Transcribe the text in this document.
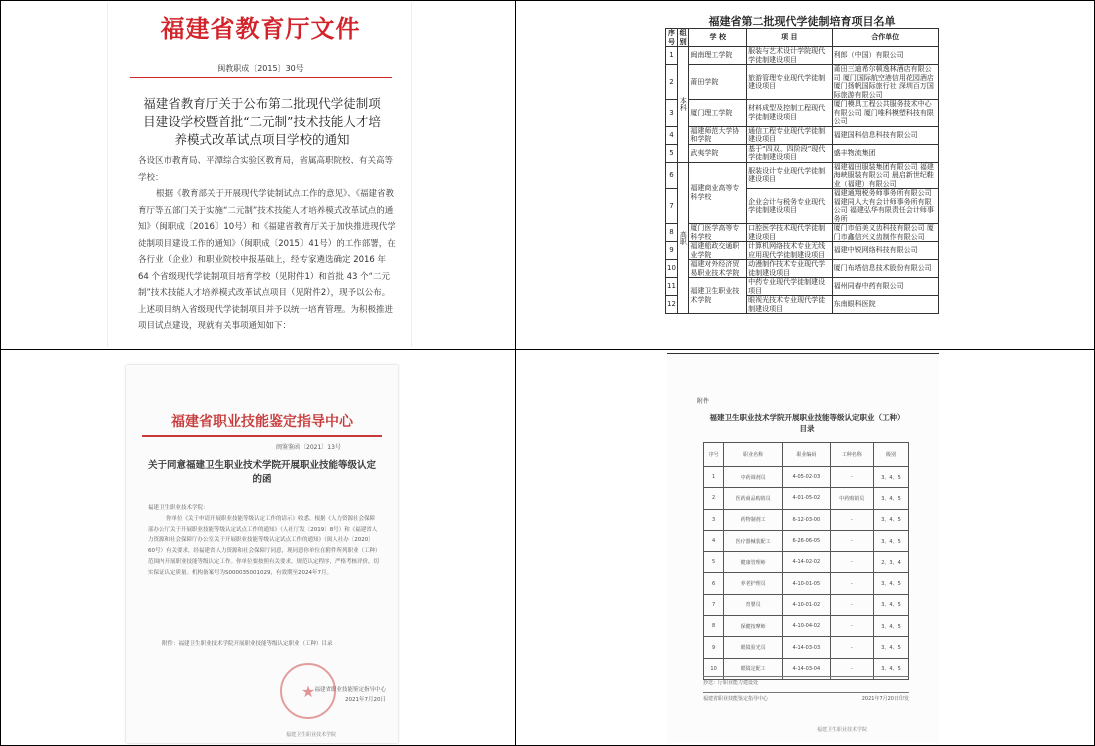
福建省教育厅文件
闽教职成〔2015〕30号
福建省教育厅关于公布第二批现代学徒制项目建设学校暨首批“二元制”技术技能人才培养模式改革试点项目学校的通知

各设区市教育局、平潭综合实验区教育局，省属高职院校、有关高等学校：

根据《教育部关于开展现代学徒制试点工作的意见》、《福建省教育厅等五部门关于实施“二元制”技术技能人才培养模式改革试点的通知》（闽职成〔2016〕10号）和《福建省教育厅关于加快推进现代学徒制项目建设工作的通知》（闽职成〔2015〕41号）的工作部署，在各行业（企业）和职业院校申报基础上，经专家遴选确定 2016 年 64 个省级现代学徒制项目培育学校（见附件1）和首批 43 个“二元制”技术技能人才培养模式改革试点项目（见附件2），现予以公布。上述项目纳入省级现代学徒制项目并予以统一培育管理。为积极推进项目试点建设，现就有关事项通知如下：

福建省第二批现代学徒制培育项目名单
序号	组别	学 校	项 目	合作单位
1	本科	闽南理工学院	服装与艺术设计学院现代学徒制建设项目	利郎（中国）有限公司
2		莆田学院	旅游管理专业现代学徒制建设项目	莆田三迪希尔顿逸林酒店有限公司 厦门国际航空港信用花园酒店 厦门扬帆国际旅行社 深圳百万国际旅游有限公司
3		厦门理工学院	材料成型及控制工程现代学徒制建设项目	厦门模具工程公共服务技术中心有限公司 厦门唯科模塑科技有限公司
4		福建师范大学协和学院	通信工程专业现代学徒制建设项目	福建国科信息科技有限公司
5		武夷学院	基于“四双、四阶段”现代学徒制建设项目	盛丰物流集团
6	高职	福建商业高等专科学校	服装设计专业现代学徒制建设项目	福建福田服装集团有限公司 福建海峡服装有限公司 晨启新世纪鞋业（福建）有限公司
7			企业会计与税务专业现代学徒制建设项目	福建通翔税务师事务所有限公司 福建同人大有会计师事务所有限公司 福建弘华有限责任会计师事务所
8		厦门医学高等专科学校	口腔医学技术现代学徒制建设项目	厦门市佰美义齿科技有限公司 厦门市鑫信兴义齿制作有限公司
9		福建船政交通职业学院	计算机网络技术专业无线应用现代学徒制建设项目	福建中锐网络科技有限公司
10		福建对外经济贸易职业技术学院	动漫制作技术专业现代学徒制建设项目	厦门布塔信息技术股份有限公司
11		福建卫生职业技术学院	中药专业现代学徒制建设项目	福州同春中药有限公司
12			眼视光技术专业现代学徒制建设项目	东南眼科医院
福建省职业技能鉴定指导中心
闽鉴鉴函〔2021〕13号
关于同意福建卫生职业技术学院开展职业技能等级认定的函
福建卫生职业技术学院：
你单位《关于申请开展职业技能等级认定工作的请示》收悉。根据《人力资源社会保障部办公厅关于开展职业技能等级认定试点工作的通知》（人社厅发〔2019〕8号）和《福建省人力资源和社会保障厅办公室关于开展职业技能等级认定试点工作的通知》（闽人社办〔2020〕60号）有关要求，经福建省人力资源和社会保障厅同意，现同意你单位在附件所列职业（工种）范围内开展职业技能等级认定工作。你单位要按照有关要求，规范认定程序，严格考核评价，切实保证认定质量。机构备案号为S000035001029，有效期至2024年7月。
附件：福建卫生职业技术学院开展职业技能等级认定职业（工种）目录
★ 福建省职业技能鉴定指导中心
2021年7月20日
福建卫生职业技术学院
附件
福建卫生职业技术学院开展职业技能等级认定职业（工种）目录
序号	职业名称	职业编码	工种名称	级别
1	中药调剂员	4-05-02-03	-	3、4、5
2	医药商品购销员	4-01-05-02	中药购销员	3、4、5
3	药物制剂工	6-12-03-00	-	3、4、5
4	医疗器械装配工	6-26-06-05	-	3、4、5
5	健康管理师	4-14-02-02	-	2、3、4
6	养老护理员	4-10-01-05	-	3、4、5
7	育婴员	4-10-01-02	-	3、4、5
8	保健按摩师	4-10-04-02	-	3、4、5
9	眼镜验光员	4-14-03-03	-	3、4、5
10	眼镜定配工	4-14-03-04	-	3、4、5
抄送：厅职业能力建设处
福建省职业技能鉴定指导中心	2021年7月20日印发
福建卫生职业技术学院
